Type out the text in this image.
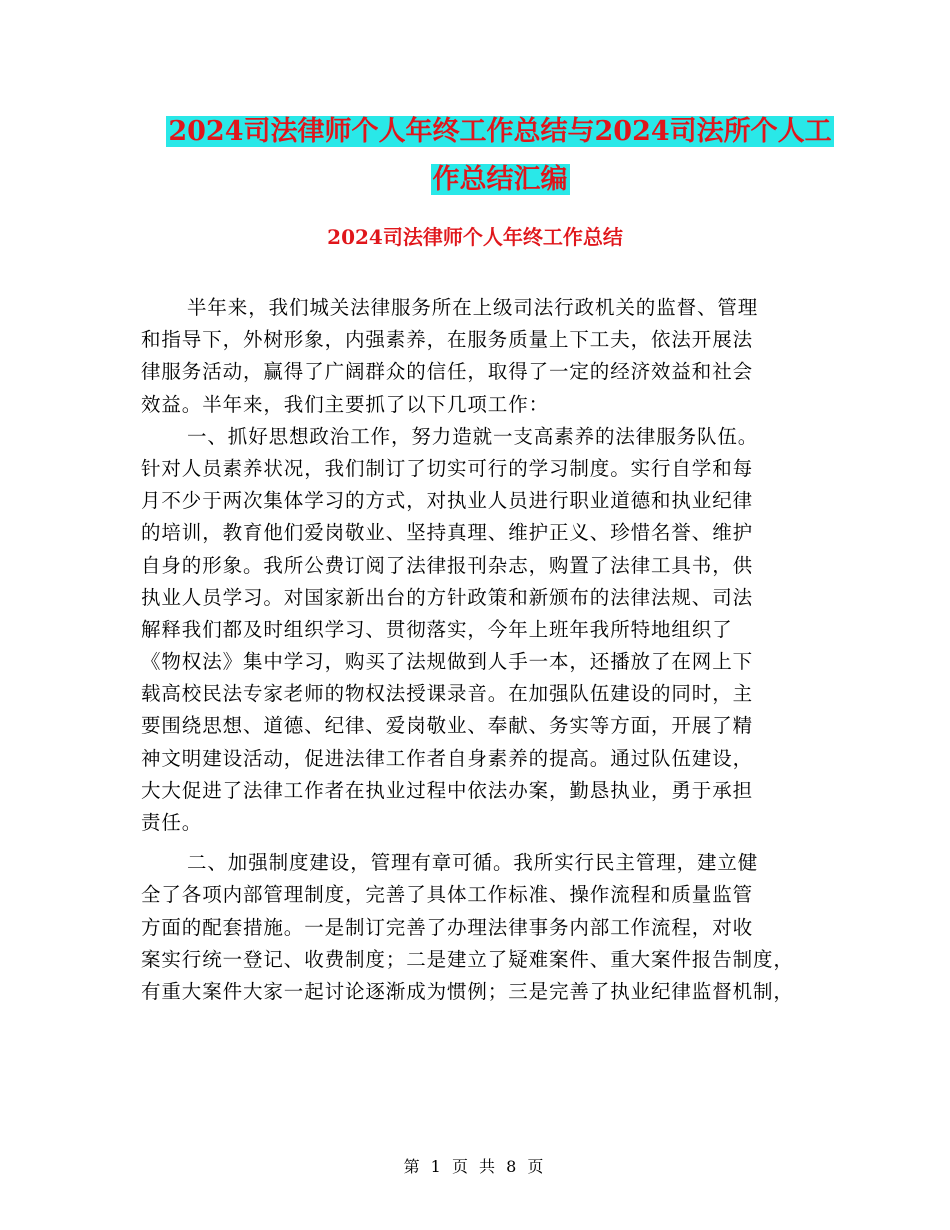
2024司法律师个人年终工作总结与2024司法所个人工
作总结汇编
2024司法律师个人年终工作总结
半年来，我们城关法律服务所在上级司法行政机关的监督、管理
和指导下，外树形象，内强素养，在服务质量上下工夫，依法开展法
律服务活动，赢得了广阔群众的信任，取得了一定的经济效益和社会
效益。半年来，我们主要抓了以下几项工作：
一、抓好思想政治工作，努力造就一支高素养的法律服务队伍。
针对人员素养状况，我们制订了切实可行的学习制度。实行自学和每
月不少于两次集体学习的方式，对执业人员进行职业道德和执业纪律
的培训，教育他们爱岗敬业、坚持真理、维护正义、珍惜名誉、维护
自身的形象。我所公费订阅了法律报刊杂志，购置了法律工具书，供
执业人员学习。对国家新出台的方针政策和新颁布的法律法规、司法
解释我们都及时组织学习、贯彻落实，今年上班年我所特地组织了
《物权法》集中学习，购买了法规做到人手一本，还播放了在网上下
载高校民法专家老师的物权法授课录音。在加强队伍建设的同时，主
要围绕思想、道德、纪律、爱岗敬业、奉献、务实等方面，开展了精
神文明建设活动，促进法律工作者自身素养的提高。通过队伍建设，
大大促进了法律工作者在执业过程中依法办案，勤恳执业，勇于承担
责任。
二、加强制度建设，管理有章可循。我所实行民主管理，建立健
全了各项内部管理制度，完善了具体工作标准、操作流程和质量监管
方面的配套措施。一是制订完善了办理法律事务内部工作流程，对收
案实行统一登记、收费制度；二是建立了疑难案件、重大案件报告制度，
有重大案件大家一起讨论逐渐成为惯例；三是完善了执业纪律监督机制，
第 1 页 共 8 页
